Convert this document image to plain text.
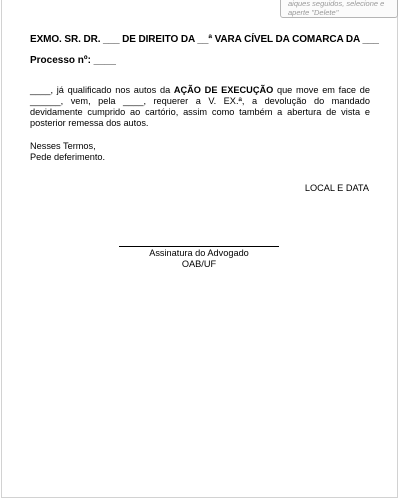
aiques seguidos, selecione e
aperte "Delete"
EXMO. SR. DR. ___ DE DIREITO DA __ª VARA CÍVEL DA COMARCA DA ___
Processo nº: ____
____, já qualificado nos autos da AÇÃO DE EXECUÇÃO que move em face de ______, vem, pela ____, requerer a V. EX.ª, a devolução do mandado devidamente cumprido ao cartório, assim como também a abertura de vista e posterior remessa dos autos.
Nesses Termos,
Pede deferimento.
LOCAL E DATA
Assinatura do Advogado
OAB/UF
